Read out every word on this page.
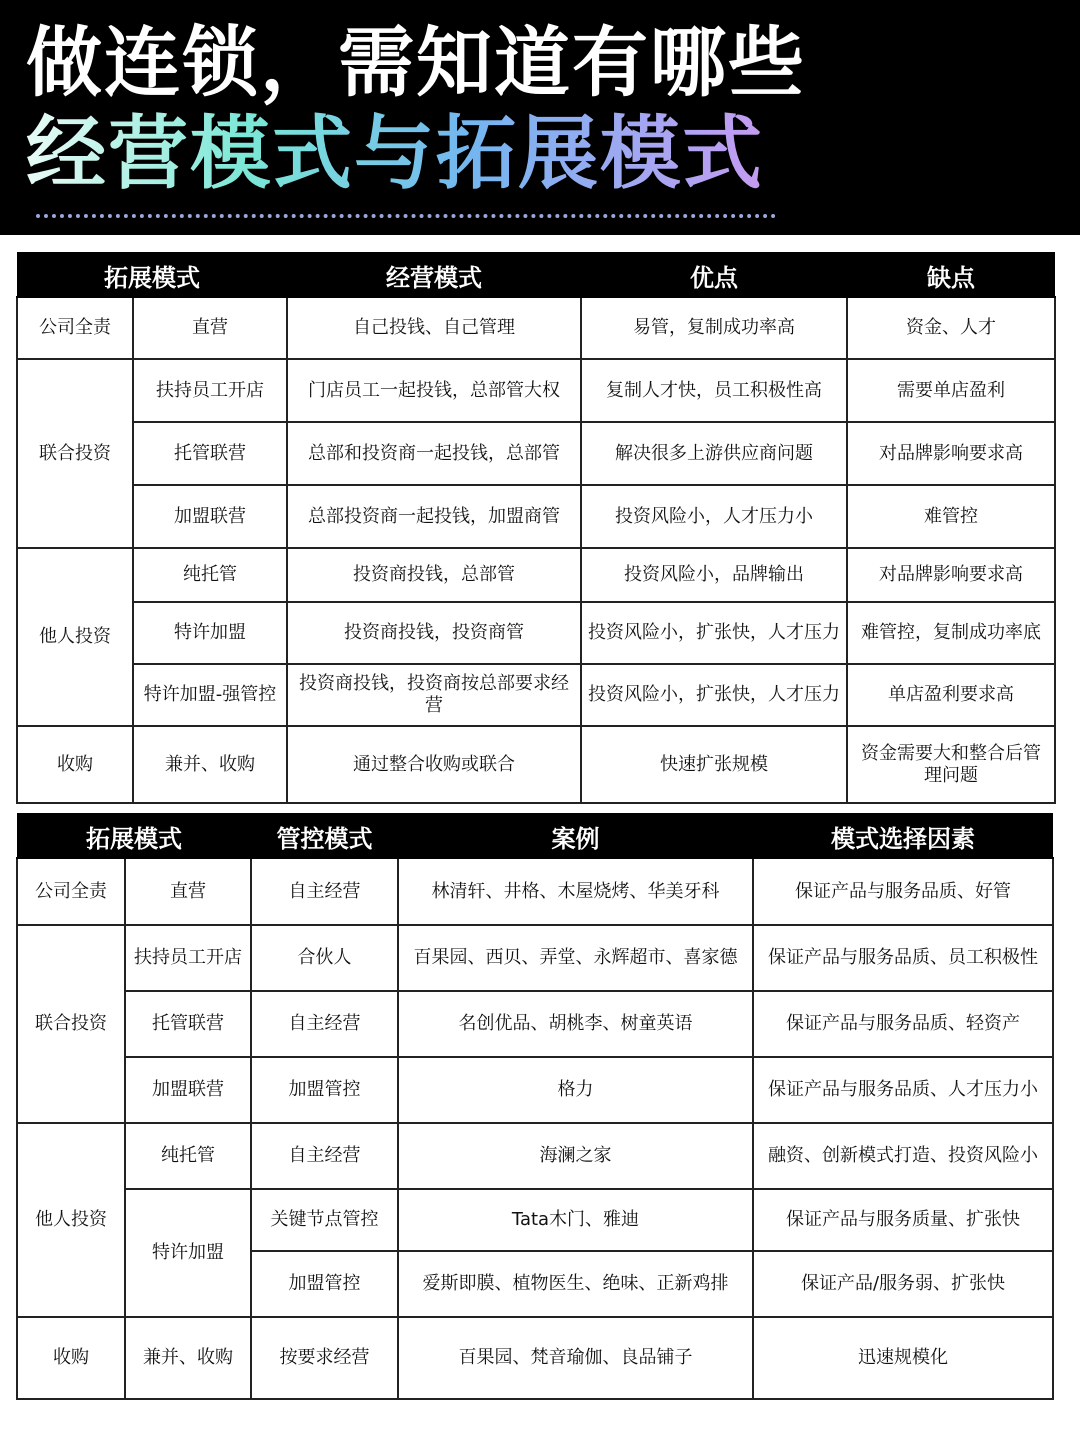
做连锁，需知道有哪些
经营模式与拓展模式
拓展模式		经营模式	优点	缺点
公司全责	直营	自己投钱、自己管理	易管，复制成功率高	资金、人才
联合投资	扶持员工开店	门店员工一起投钱，总部管大权	复制人才快，员工积极性高	需要单店盈利
	托管联营	总部和投资商一起投钱，总部管	解决很多上游供应商问题	对品牌影响要求高
	加盟联营	总部投资商一起投钱，加盟商管	投资风险小，人才压力小	难管控
他人投资	纯托管	投资商投钱，总部管	投资风险小，品牌输出	对品牌影响要求高
	特许加盟	投资商投钱，投资商管	投资风险小，扩张快，人才压力	难管控，复制成功率底
	特许加盟-强管控	投资商投钱，投资商按总部要求经营	投资风险小，扩张快，人才压力	单店盈利要求高
收购	兼并、收购	通过整合收购或联合	快速扩张规模	资金需要大和整合后管理问题
拓展模式		管控模式	案例	模式选择因素
公司全责	直营	自主经营	林清轩、井格、木屋烧烤、华美牙科	保证产品与服务品质、好管
联合投资	扶持员工开店	合伙人	百果园、西贝、弄堂、永辉超市、喜家德	保证产品与服务品质、员工积极性
	托管联营	自主经营	名创优品、胡桃李、树童英语	保证产品与服务品质、轻资产
	加盟联营	加盟管控	格力	保证产品与服务品质、人才压力小
他人投资	纯托管	自主经营	海澜之家	融资、创新模式打造、投资风险小
	特许加盟	关键节点管控	Tata木门、雅迪	保证产品与服务质量、扩张快
		加盟管控	爱斯即膜、植物医生、绝味、正新鸡排	保证产品/服务弱、扩张快
收购	兼并、收购	按要求经营	百果园、梵音瑜伽、良品铺子	迅速规模化
